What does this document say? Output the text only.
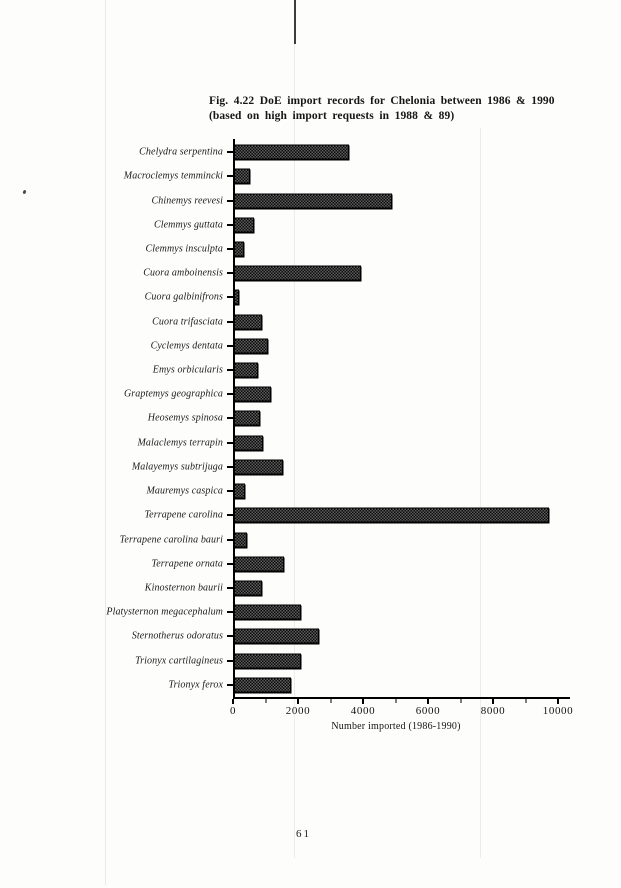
Fig. 4.22 DoE import records for Chelonia between 1986 & 1990
(based on high import requests in 1988 & 89)
Chelydra serpentina
Macroclemys temmincki
Chinemys reevesi
Clemmys guttata
Clemmys insculpta
Cuora amboinensis
Cuora galbinifrons
Cuora trifasciata
Cyclemys dentata
Emys orbicularis
Graptemys geographica
Heosemys spinosa
Malaclemys terrapin
Malayemys subtrijuga
Mauremys caspica
Terrapene carolina
Terrapene carolina bauri
Terrapene ornata
Kinosternon baurii
Platysternon megacephalum
Sternotherus odoratus
Trionyx cartilagineus
Trionyx ferox
0	2000	4000	6000	8000	10000
Number imported (1986-1990)
61
